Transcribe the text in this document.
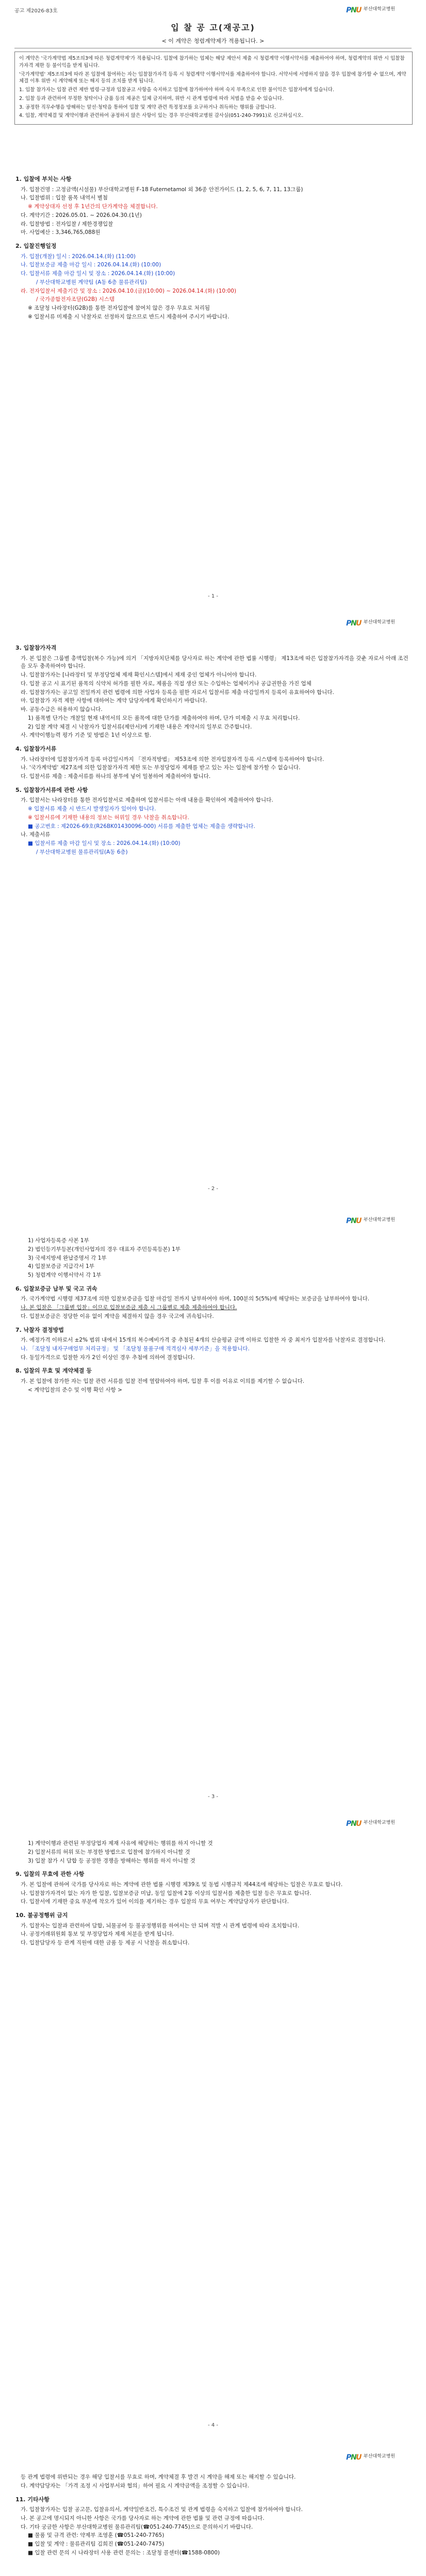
공고 제2026-83호	P
N
U 부산대학교병원
입 찰 공 고(재공고)
< 이 계약은 청렴계약제가 적용됩니다. >

이 계약은 '국가계약법 제5조의3에 따른 청렴계약제'가 적용됩니다. 입찰에 참가하는 업체는 해당 제안서 제출 시 청렴계약 이행서약서를 제출하여야 하며, 청렴계약의 위반 시 입찰참가자격 제한 등 불이익을 받게 됩니다.

'국가계약법' 제5조의3에 따라 본 입찰에 참여하는 자는 입찰참가자격 등록 시 청렴계약 이행서약서를 제출하여야 합니다. 서약서에 서명하지 않을 경우 입찰에 참가할 수 없으며, 계약체결 이후 위반 시 계약해제 또는 해지 등의 조치를 받게 됩니다.

1. 입찰 참가자는 입찰 관련 제반 법령·규정과 입찰공고 사항을 숙지하고 입찰에 참가하여야 하며 숙지 부족으로 인한 불이익은 입찰자에게 있습니다.

2. 입찰 등과 관련하여 부정한 청탁이나 금품 등의 제공은 일체 금지하며, 위반 시 관계 법령에 따라 처벌을 받을 수 있습니다.

3. 공정한 직무수행을 방해하는 알선·청탁을 통하여 입찰 및 계약 관련 특정정보를 요구하거나 취득하는 행위를 금합니다.

4. 입찰, 계약체결 및 계약이행과 관련하여 공정하지 않은 사항이 있는 경우 부산대학교병원 감사실(051-240-7991)로 신고하십시오.

1. 입찰에 부치는 사항
가. 입찰건명 : 고정금액(시설물) 부산대학교병원 F-18 Futernetamol 외 36종 안전가이드 (1, 2, 5, 6, 7, 11, 13그룹)
나. 입찰범위 : 입찰 품목 내역서 별첨
※ 계약상대자 선정 후 1년간의 단가계약을 체결합니다.
다. 계약기간 : 2026.05.01. ~ 2026.04.30.(1년)
라. 입찰방법 : 전자입찰 / 제한경쟁입찰
마. 사업예산 : 3,346,765,088원
2. 입찰진행일정
가. 입찰(개찰) 일시 : 2026.04.14.(화) (11:00)
나. 입찰보증금 제출 마감 일시 : 2026.04.14.(화) (10:00)
다. 입찰서류 제출 마감 일시 및 장소 : 2026.04.14.(화) (10:00)
/ 부산대학교병원 계약팀 (A동 6층 물류관리팀)
라. 전자입찰서 제출기간 및 장소 : 2026.04.10.(금)(10:00) ~ 2026.04.14.(화) (10:00)
/ 국가종합전자조달(G2B) 시스템
※ 조달청 나라장터(G2B)를 통한 전자입찰에 참여치 않은 경우 무효로 처리됨
※ 입찰서류 미제출 시 낙찰자로 선정하지 않으므로 반드시 제출하여 주시기 바랍니다.
- 1 -
P
N
U 부산대학교병원
3. 입찰참가자격
가. 본 입찰은 그룹별 총액입찰(복수 가능)에 의거 「지방자치단체를 당사자로 하는 계약에 관한 법률 시행령」 제13조에 따른 입찰참가자격을 갖춘 자로서 아래 조건을 모두 충족하여야 합니다.
나. 입찰참가자는 [나라장터 및 부정당업체 제재 확인시스템]에서 제재 중인 업체가 아니어야 합니다.
다. 입찰 공고 시 표기된 품목의 식약처 허가를 필한 자로, 제품을 직접 생산 또는 수입하는 업체이거나 공급권한을 가진 업체
라. 입찰참가자는 공고일 전일까지 관련 법령에 의한 사업자 등록을 필한 자로서 입찰서류 제출 마감일까지 등록이 유효하여야 합니다.
마. 입찰참가 자격 제한 사항에 대하여는 계약 담당자에게 확인하시기 바랍니다.
바. 공동수급은 허용하지 않습니다.
1) 품목별 단가는 개찰일 현재 내역서의 모든 품목에 대한 단가를 제출하여야 하며, 단가 미제출 시 무효 처리합니다.
2) 입찰 계약 체결 시 낙찰자가 입찰서류(제안서)에 기재한 내용은 계약서의 일부로 간주합니다.
사. 계약이행능력 평가 기준 및 방법은 1년 이상으로 함.
4. 입찰참가서류
가. 나라장터에 입찰참가자격 등록 마감일시까지 「전자적방법」 제53조에 의한 전자입찰자격 등록 시스템에 등록하여야 합니다.
나. '국가계약법' 제27조에 의한 입찰참가자격 제한 또는 부정당업자 제재를 받고 있는 자는 입찰에 참가할 수 없습니다.
다. 입찰서류 제출 : 제출서류를 하나의 봉투에 넣어 밀봉하여 제출하여야 합니다.
5. 입찰참가서류에 관한 사항
가. 입찰서는 나라장터를 통한 전자입찰서로 제출하며 입찰서류는 아래 내용을 확인하여 제출하여야 합니다.
※ 입찰서류 제출 시 반드시 발생일자가 있어야 합니다.
※ 입찰서류에 기재한 내용의 정보는 허위일 경우 낙찰을 취소합니다.
■ 공고번호 : 제2026-69호(R26BK01430096-000) 서류를 제출한 업체는 제출을 생략합니다.
나. 제출서류
■ 입찰서류 제출 마감 일시 및 장소 : 2026.04.14.(화) (10:00)
/ 부산대학교병원 물류관리팀(A동 6층)
- 2 -
P
N
U 부산대학교병원
1) 사업자등록증 사본 1부
2) 법인등기부등본(개인사업자의 경우 대표자 주민등록등본) 1부
3) 국세지방세 완납증명서 각 1부
4) 입찰보증금 지급각서 1부
5) 청렴계약 이행서약서 각 1부
6. 입찰보증금 납부 및 국고 귀속
가. 국가계약법 시행령 제37조에 의한 입찰보증금을 입찰 마감일 전까지 납부하여야 하며, 100분의 5(5%)에 해당하는 보증금을 납부하여야 합니다.
나. 본 입찰은 「그룹별 입찰」이므로 입찰보증금 제출 시 그룹별로 제출 제출하여야 합니다.
다. 입찰보증금은 정당한 이유 없이 계약을 체결하지 않을 경우 국고에 귀속됩니다.
7. 낙찰자 결정방법
가. 예정가격 이하로서 ±2% 범위 내에서 15개의 복수예비가격 중 추첨된 4개의 산술평균 금액 이하로 입찰한 자 중 최저가 입찰자를 낙찰자로 결정합니다.
나. 「조달청 내자구매업무 처리규정」 및 「조달청 물품구매 적격심사 세부기준」을 적용합니다.
다. 동일가격으로 입찰한 자가 2인 이상인 경우 추첨에 의하여 결정합니다.
8. 입찰의 무효 및 계약체결 등
가. 본 입찰에 참가한 자는 입찰 관련 서류를 입찰 전에 열람하여야 하며, 입찰 후 이를 이유로 이의를 제기할 수 없습니다.
< 계약입찰의 준수 및 이행 확인 사항 >
- 3 -
P
N
U 부산대학교병원
1) 계약이행과 관련된 부정당업자 제재 사유에 해당하는 행위를 하지 아니할 것
2) 입찰서류의 허위 또는 부정한 방법으로 입찰에 참가하지 아니할 것
3) 입찰 참가 시 담합 등 공정한 경쟁을 방해하는 행위를 하지 아니할 것
9. 입찰의 무효에 관한 사항
가. 본 입찰에 관하여 국가를 당사자로 하는 계약에 관한 법률 시행령 제39조 및 동법 시행규칙 제44조에 해당하는 입찰은 무효로 합니다.
나. 입찰참가자격이 없는 자가 한 입찰, 입찰보증금 미납, 동일 입찰에 2통 이상의 입찰서를 제출한 입찰 등은 무효로 합니다.
다. 입찰서에 기재한 중요 부분에 착오가 있어 이의를 제기하는 경우 입찰의 무효 여부는 계약담당자가 판단합니다.
10. 불공정행위 금지
가. 입찰자는 입찰과 관련하여 담합, 뇌물공여 등 불공정행위를 하여서는 안 되며 적발 시 관계 법령에 따라 조치합니다.
나. 공정거래위원회 통보 및 부정당업자 제재 처분을 받게 됩니다.
다. 입찰담당자 등 관계 직원에 대한 금품 등 제공 시 낙찰을 취소합니다.
- 4 -
P
N
U 부산대학교병원
등 관계 법령에 위반되는 경우 해당 입찰서를 무효로 하며, 계약체결 후 발견 시 계약을 해제 또는 해지할 수 있습니다.
다. 계약담당자는 「가격 조정 시 사업부서와 협의」하여 필요 시 계약금액을 조정할 수 있습니다.
11. 기타사항
가. 입찰참가자는 입찰 공고문, 입찰유의서, 계약일반조건, 특수조건 및 관계 법령을 숙지하고 입찰에 참가하여야 합니다.
나. 본 공고에 명시되지 아니한 사항은 국가를 당사자로 하는 계약에 관한 법률 및 관련 규정에 따릅니다.
다. 기타 궁금한 사항은 부산대학교병원 물류관리팀(☎051-240-7745)으로 문의하시기 바랍니다.
■ 물품 및 규격 관련: 약제부 조영훈 (☎051-240-7765)
■ 입찰 및 계약 : 물류관리팀 김희진 (☎051-240-7475)
■ 입찰 관련 문의 시 나라장터 사용 관련 문의는 : 조달청 콜센터(☎1588-0800)
